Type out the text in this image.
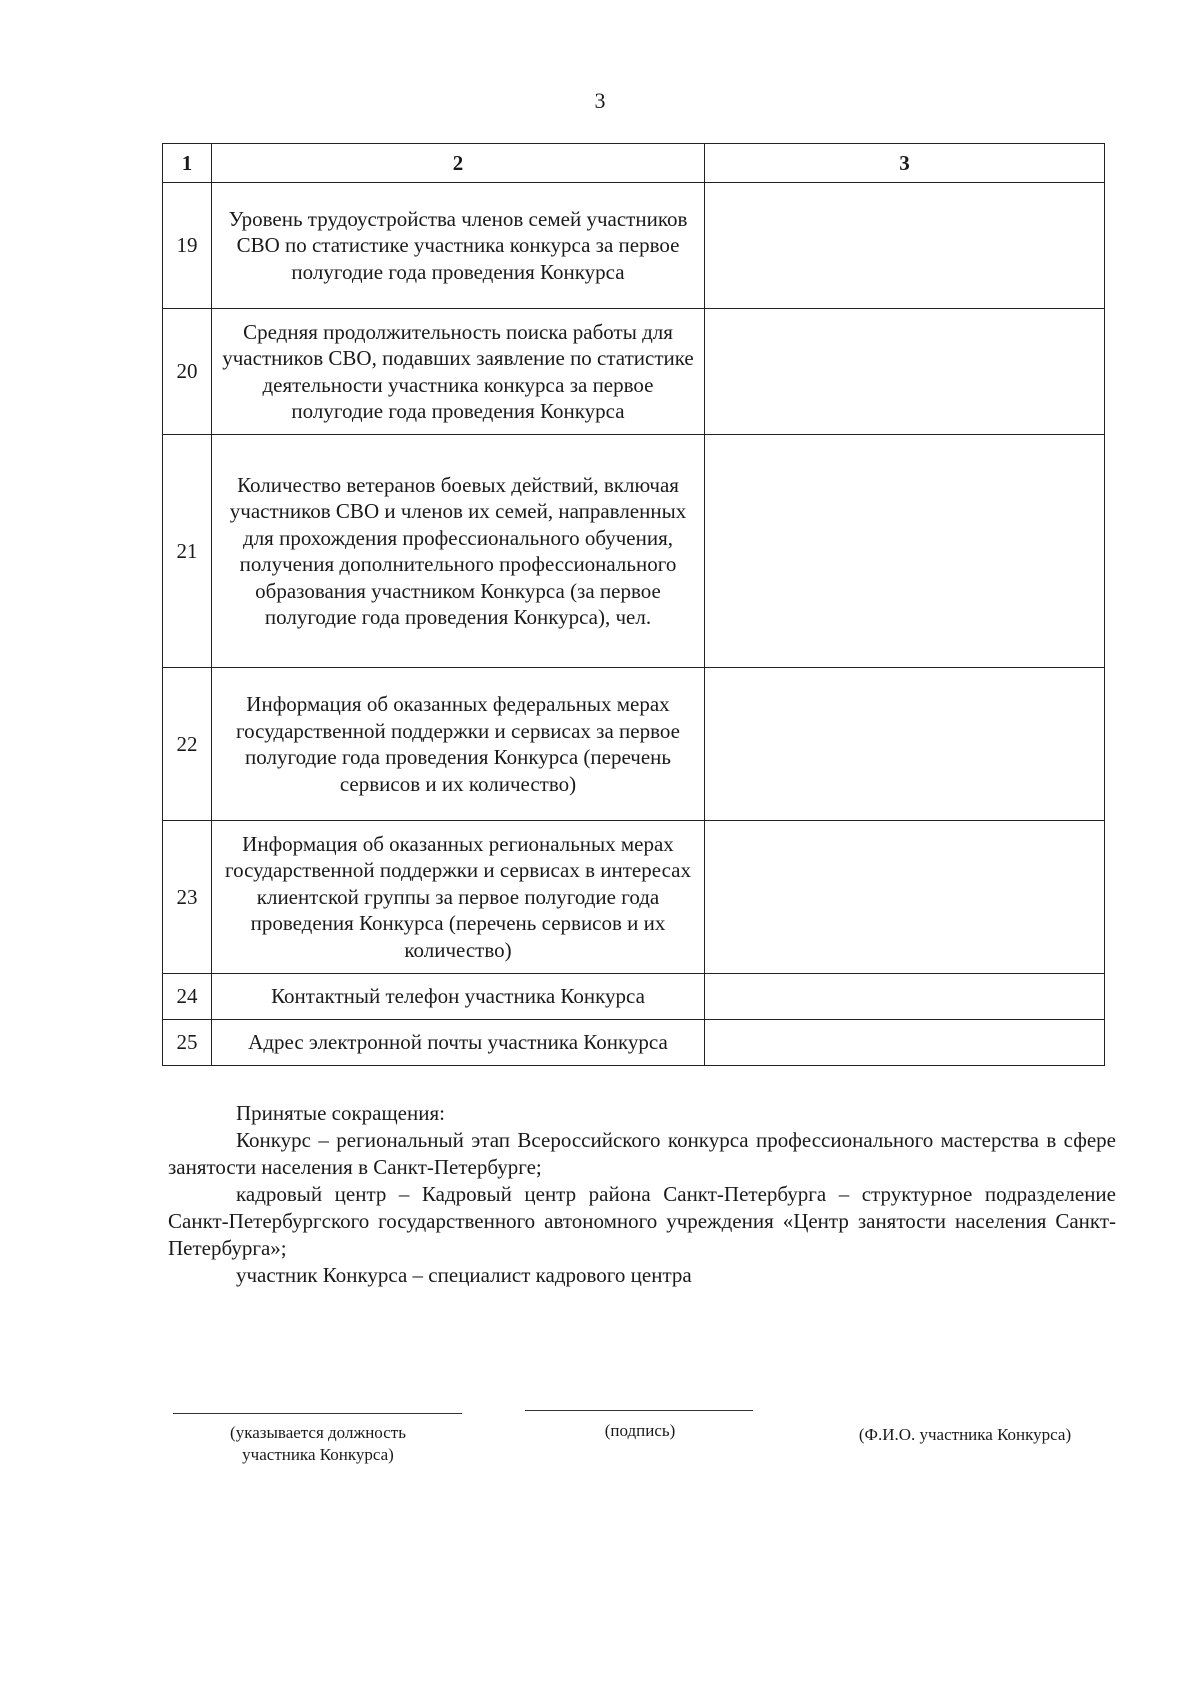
3
1	2	3
19	Уровень трудоустройства членов семей участников СВО по статистике участника конкурса за первое полугодие года проведения Конкурса	
20	Средняя продолжительность поиска работы для участников СВО, подавших заявление по статистике деятельности участника конкурса за первое полугодие года проведения Конкурса	
21	Количество ветеранов боевых действий, включая участников СВО и членов их семей, направленных для прохождения профессионального обучения, получения дополнительного профессионального образования участником Конкурса (за первое полугодие года проведения Конкурса), чел.	
22	Информация об оказанных федеральных мерах государственной поддержки и сервисах за первое полугодие года проведения Конкурса (перечень сервисов и их количество)	
23	Информация об оказанных региональных мерах государственной поддержки и сервисах в интересах клиентской группы за первое полугодие года проведения Конкурса (перечень сервисов и их количество)	
24	Контактный телефон участника Конкурса	
25	Адрес электронной почты участника Конкурса	

Принятые сокращения:

Конкурс – региональный этап Всероссийского конкурса профессионального мастерства в сфере занятости населения в Санкт-Петербурге;

кадровый центр – Кадровый центр района Санкт-Петербурга – структурное подразделение Санкт-Петербургского государственного автономного учреждения «Центр занятости населения Санкт-Петербурга»;

участник Конкурса – специалист кадрового центра

(указывается должность участника Конкурса)
(подпись)	(Ф.И.О. участника Конкурса)
